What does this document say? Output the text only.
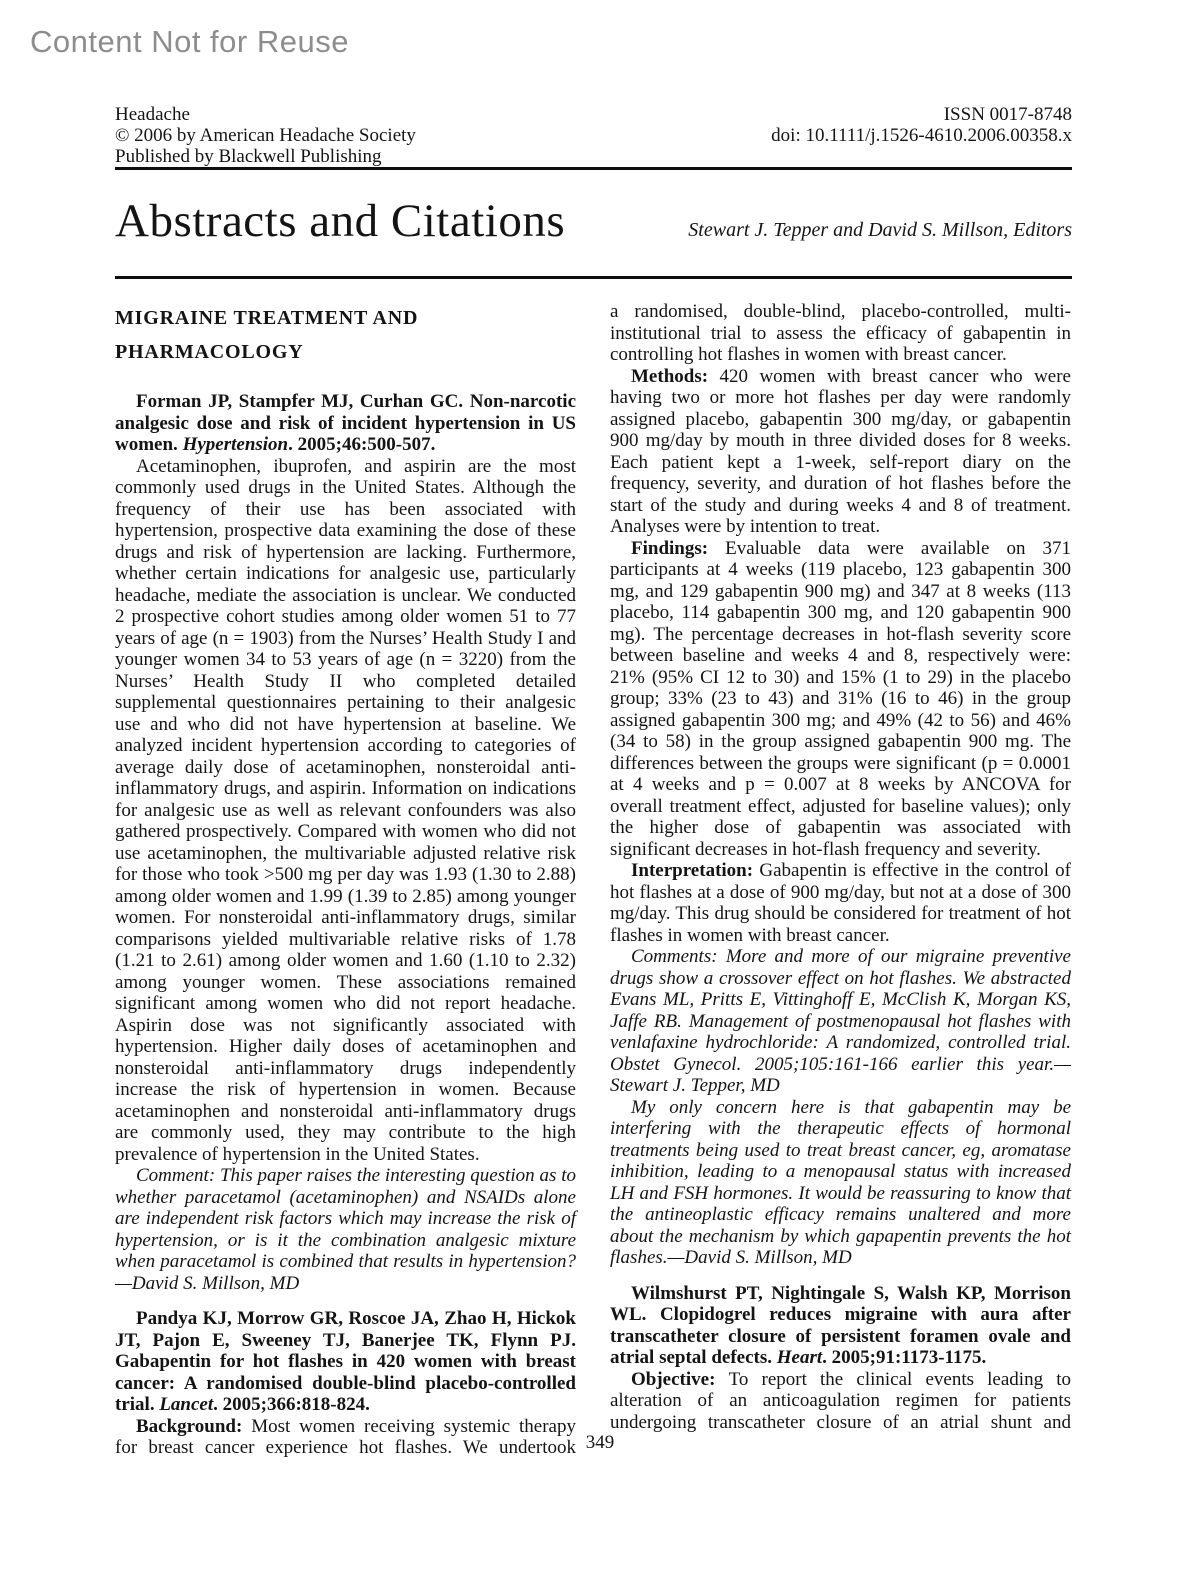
Content Not for Reuse
Headache
© 2006 by American Headache Society
Published by Blackwell Publishing
ISSN 0017-8748
doi: 10.1111/j.1526-4610.2006.00358.x
Abstracts and Citations	Stewart J. Tepper and David S. Millson, Editors

MIGRAINE TREATMENT AND PHARMACOLOGY

Forman JP, Stampfer MJ, Curhan GC. Non-narcotic analgesic dose and risk of incident hypertension in US women. Hypertension. 2005;46:500-507.

Acetaminophen, ibuprofen, and aspirin are the most commonly used drugs in the United States. Although the frequency of their use has been associated with hypertension, prospective data examining the dose of these drugs and risk of hypertension are lacking. Furthermore, whether certain indications for analgesic use, particularly headache, mediate the association is unclear. We conducted 2 prospective cohort studies among older women 51 to 77 years of age (n = 1903) from the Nurses’ Health Study I and younger women 34 to 53 years of age (n = 3220) from the Nurses’ Health Study II who completed detailed supplemental questionnaires pertaining to their analgesic use and who did not have hypertension at baseline. We analyzed incident hypertension according to categories of average daily dose of acetaminophen, nonsteroidal anti-inflammatory drugs, and aspirin. Information on indications for analgesic use as well as relevant confounders was also gathered prospectively. Compared with women who did not use acetaminophen, the multivariable adjusted relative risk for those who took >500 mg per day was 1.93 (1.30 to 2.88) among older women and 1.99 (1.39 to 2.85) among younger women. For nonsteroidal anti-inflammatory drugs, similar comparisons yielded multivariable relative risks of 1.78 (1.21 to 2.61) among older women and 1.60 (1.10 to 2.32) among younger women. These associations remained significant among women who did not report headache. Aspirin dose was not significantly associated with hypertension. Higher daily doses of acetaminophen and nonsteroidal anti-inflammatory drugs independently increase the risk of hypertension in women. Because acetaminophen and nonsteroidal anti-inflammatory drugs are commonly used, they may contribute to the high prevalence of hypertension in the United States.

Comment: This paper raises the interesting question as to whether paracetamol (acetaminophen) and NSAIDs alone are independent risk factors which may increase the risk of hypertension, or is it the combination analgesic mixture when paracetamol is combined that results in hypertension?—David S. Millson, MD

Pandya KJ, Morrow GR, Roscoe JA, Zhao H, Hickok JT, Pajon E, Sweeney TJ, Banerjee TK, Flynn PJ. Gabapentin for hot flashes in 420 women with breast cancer: A randomised double-blind placebo-controlled trial. Lancet. 2005;366:818-824.

Background: Most women receiving systemic therapy for breast cancer experience hot flashes. We undertook

a randomised, double-blind, placebo-controlled, multi-institutional trial to assess the efficacy of gabapentin in controlling hot flashes in women with breast cancer.

Methods: 420 women with breast cancer who were having two or more hot flashes per day were randomly assigned placebo, gabapentin 300 mg/day, or gabapentin 900 mg/day by mouth in three divided doses for 8 weeks. Each patient kept a 1-week, self-report diary on the frequency, severity, and duration of hot flashes before the start of the study and during weeks 4 and 8 of treatment. Analyses were by intention to treat.

Findings: Evaluable data were available on 371 participants at 4 weeks (119 placebo, 123 gabapentin 300 mg, and 129 gabapentin 900 mg) and 347 at 8 weeks (113 placebo, 114 gabapentin 300 mg, and 120 gabapentin 900 mg). The percentage decreases in hot-flash severity score between baseline and weeks 4 and 8, respectively were: 21% (95% CI 12 to 30) and 15% (1 to 29) in the placebo group; 33% (23 to 43) and 31% (16 to 46) in the group assigned gabapentin 300 mg; and 49% (42 to 56) and 46% (34 to 58) in the group assigned gabapentin 900 mg. The differences between the groups were significant (p = 0.0001 at 4 weeks and p = 0.007 at 8 weeks by ANCOVA for overall treatment effect, adjusted for baseline values); only the higher dose of gabapentin was associated with significant decreases in hot-flash frequency and severity.

Interpretation: Gabapentin is effective in the control of hot flashes at a dose of 900 mg/day, but not at a dose of 300 mg/day. This drug should be considered for treatment of hot flashes in women with breast cancer.

Comments: More and more of our migraine preventive drugs show a crossover effect on hot flashes. We abstracted Evans ML, Pritts E, Vittinghoff E, McClish K, Morgan KS, Jaffe RB. Management of postmenopausal hot flashes with venlafaxine hydrochloride: A randomized, controlled trial. Obstet Gynecol. 2005;105:161-166 earlier this year.—Stewart J. Tepper, MD

My only concern here is that gabapentin may be interfering with the therapeutic effects of hormonal treatments being used to treat breast cancer, eg, aromatase inhibition, leading to a menopausal status with increased LH and FSH hormones. It would be reassuring to know that the antineoplastic efficacy remains unaltered and more about the mechanism by which gapapentin prevents the hot flashes.—David S. Millson, MD

Wilmshurst PT, Nightingale S, Walsh KP, Morrison WL. Clopidogrel reduces migraine with aura after transcatheter closure of persistent foramen ovale and atrial septal defects. Heart. 2005;91:1173-1175.

Objective: To report the clinical events leading to alteration of an anticoagulation regimen for patients undergoing transcatheter closure of an atrial shunt and

349
